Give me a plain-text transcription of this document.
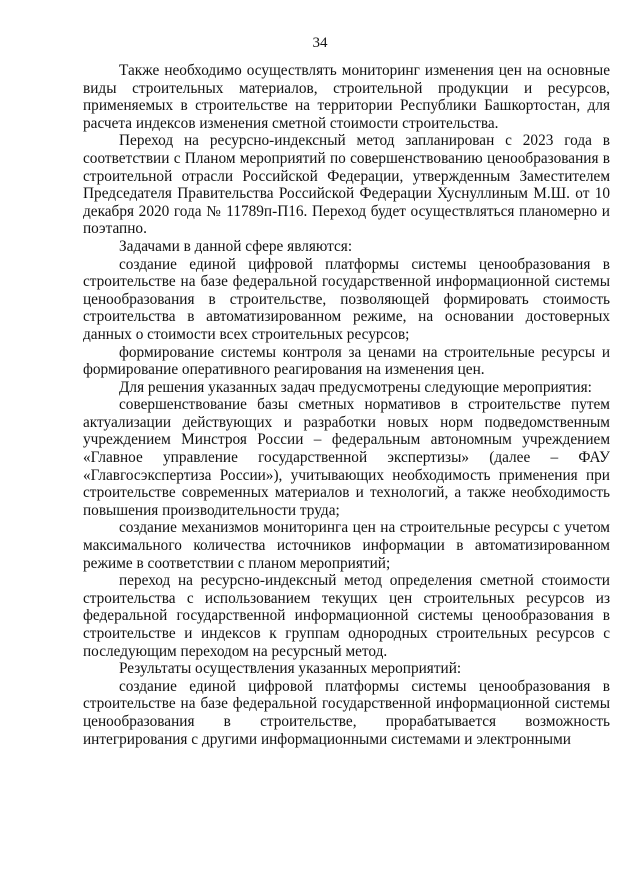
34

Также необходимо осуществлять мониторинг изменения цен на основные виды строительных материалов, строительной продукции и ресурсов, применяемых в строительстве на территории Республики Башкортостан, для расчета индексов изменения сметной стоимости строительства.

Переход на ресурсно-индексный метод запланирован с 2023 года в соответствии с Планом мероприятий по совершенствованию ценообразования в строительной отрасли Российской Федерации, утвержденным Заместителем Председателя Правительства Российской Федерации Хуснуллиным М.Ш. от 10 декабря 2020 года № 11789п-П16. Переход будет осуществляться планомерно и поэтапно.

Задачами в данной сфере являются:

создание единой цифровой платформы системы ценообразования в строительстве на базе федеральной государственной информационной системы ценообразования в строительстве, позволяющей формировать стоимость строительства в автоматизированном режиме, на основании достоверных данных о стоимости всех строительных ресурсов;

формирование системы контроля за ценами на строительные ресурсы и формирование оперативного реагирования на изменения цен.

Для решения указанных задач предусмотрены следующие мероприятия:

совершенствование базы сметных нормативов в строительстве путем актуализации действующих и разработки новых норм подведомственным учреждением Минстроя России – федеральным автономным учреждением «Главное управление государственной экспертизы» (далее – ФАУ «Главгосэкспертиза России»), учитывающих необходимость применения при строительстве современных материалов и технологий, а также необходимость повышения производительности труда;

создание механизмов мониторинга цен на строительные ресурсы с учетом максимального количества источников информации в автоматизированном режиме в соответствии с планом мероприятий;

переход на ресурсно-индексный метод определения сметной стоимости строительства с использованием текущих цен строительных ресурсов из федеральной государственной информационной системы ценообразования в строительстве и индексов к группам однородных строительных ресурсов с последующим переходом на ресурсный метод.

Результаты осуществления указанных мероприятий:

создание единой цифровой платформы системы ценообразования в строительстве на базе федеральной государственной информационной системы ценообразования в строительстве, прорабатывается возможность интегрирования с другими информационными системами и электронными
